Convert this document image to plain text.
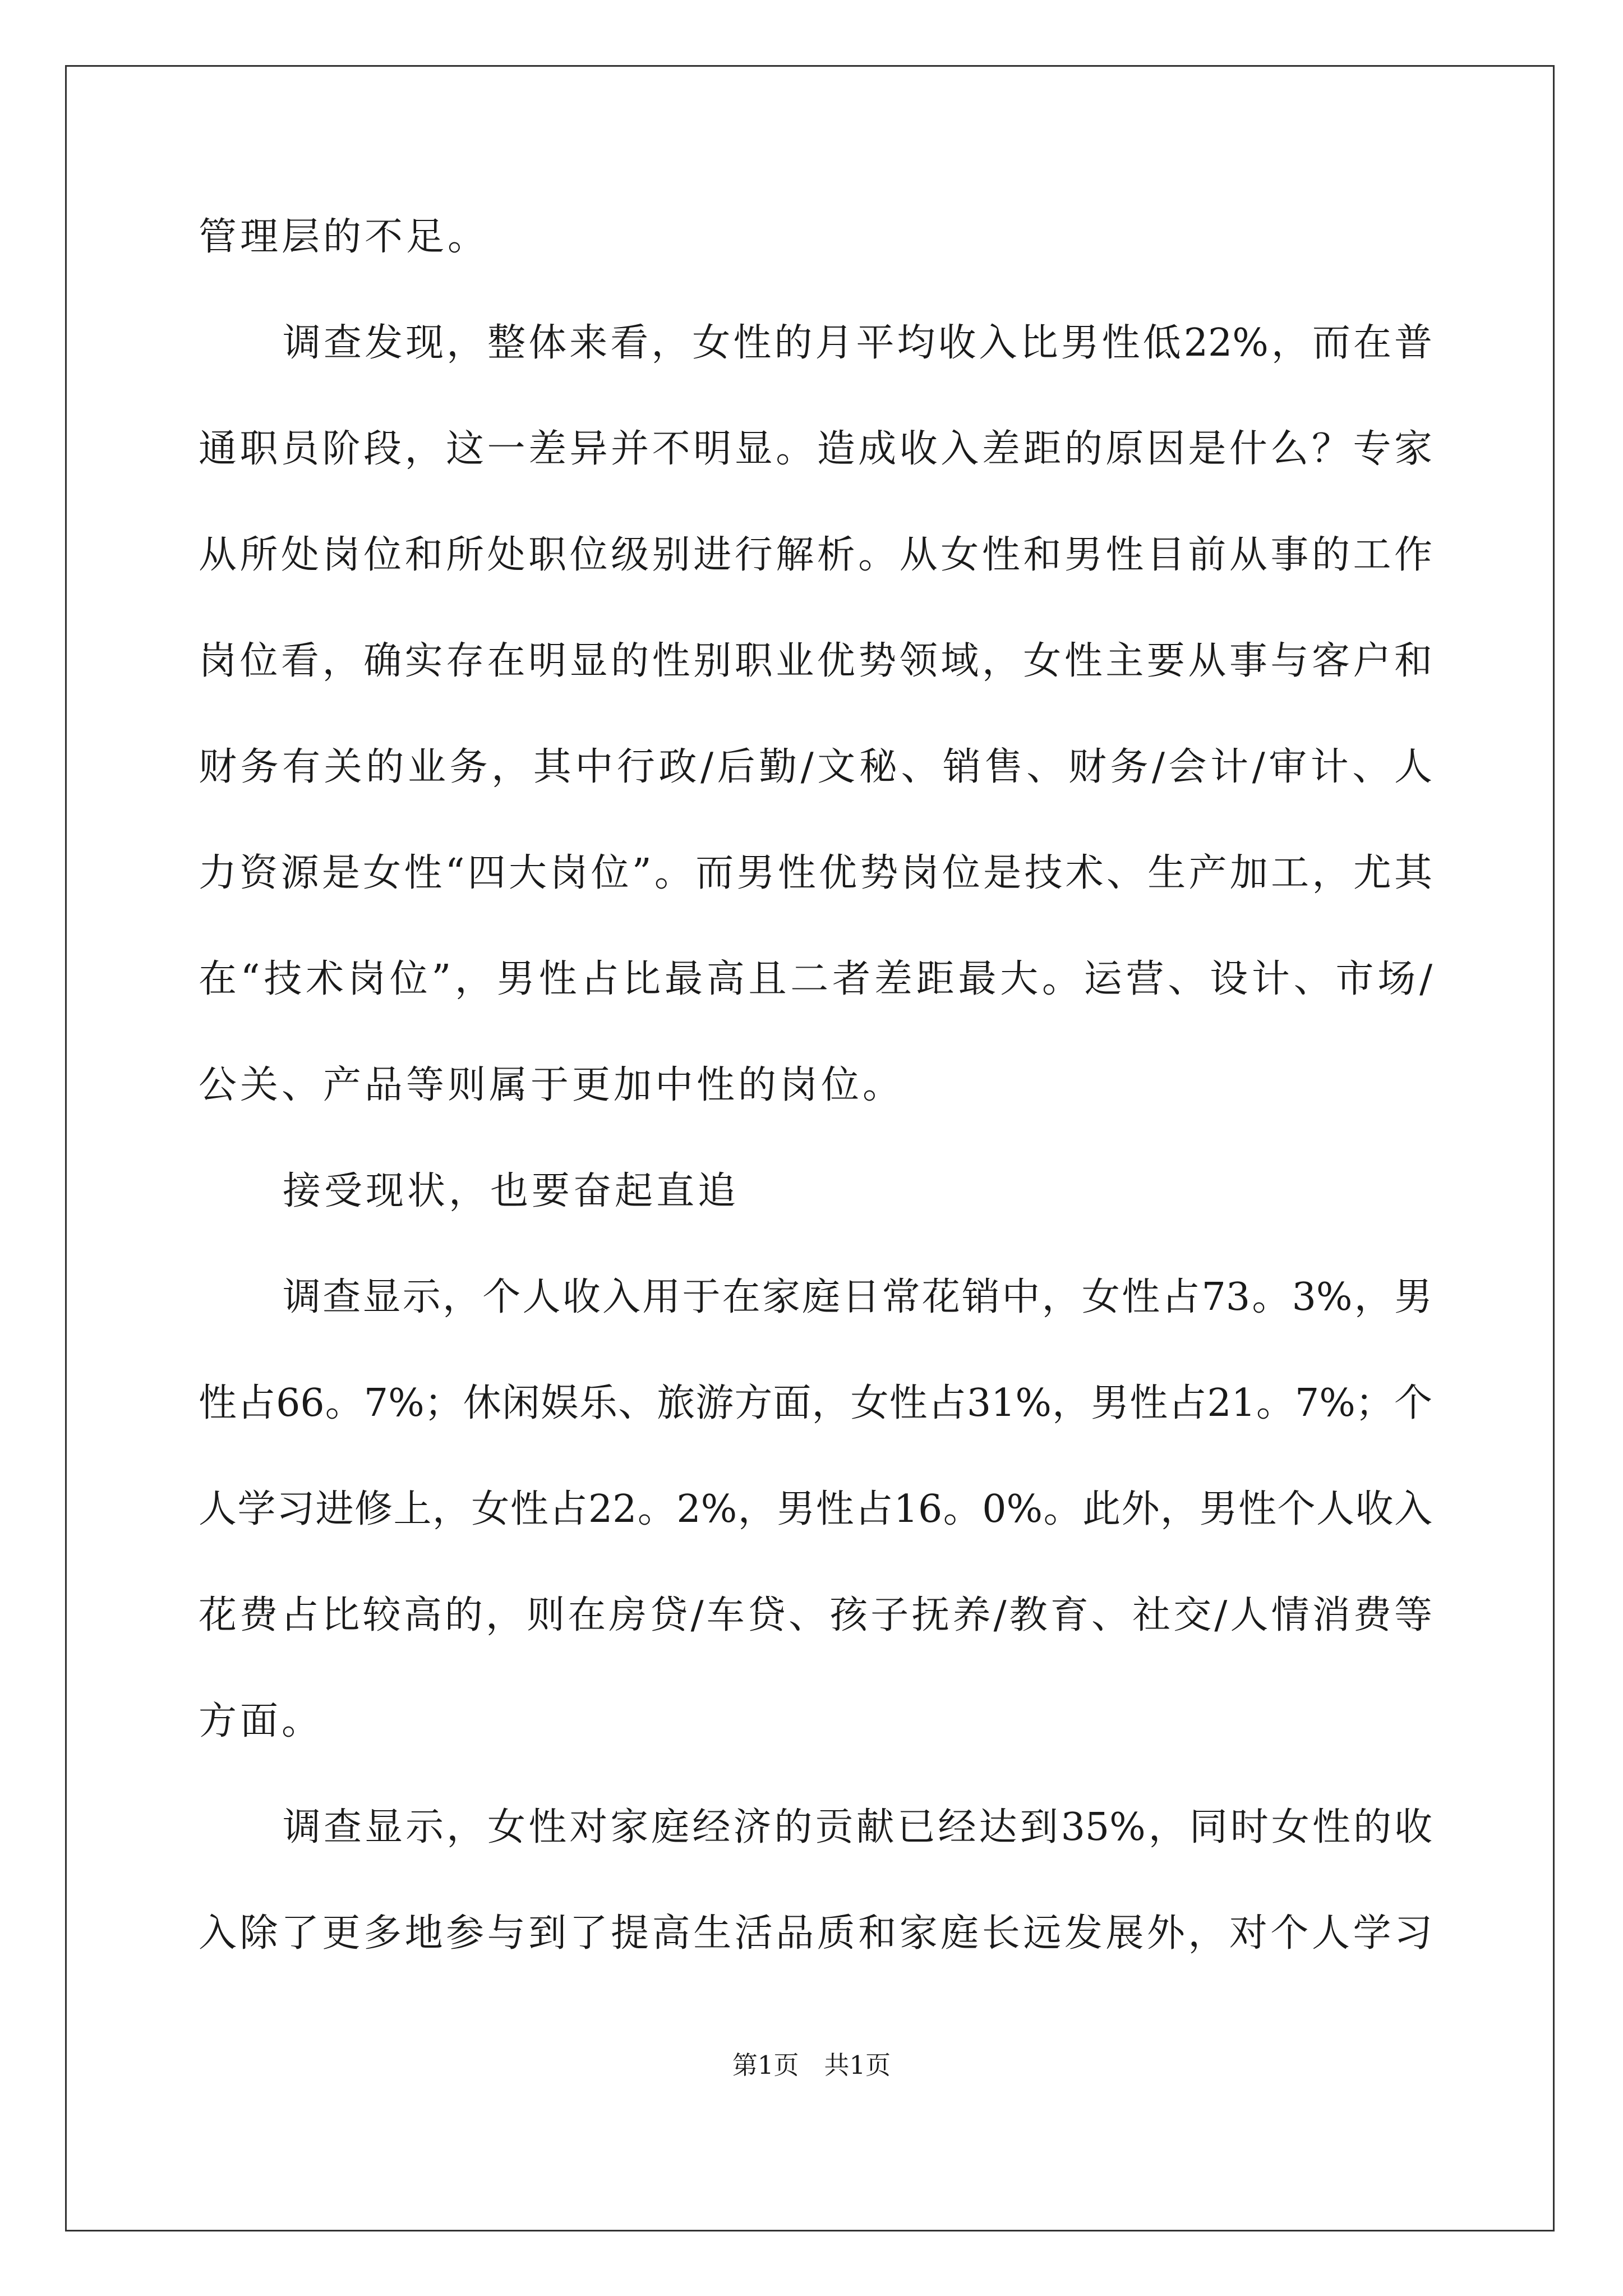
管理层的不足。
调查发现，整体来看，女性的月平均收入比男性低22%，而在普
通职员阶段，这一差异并不明显。造成收入差距的原因是什么？专家
从所处岗位和所处职位级别进行解析。从女性和男性目前从事的工作
岗位看，确实存在明显的性别职业优势领域，女性主要从事与客户和
财务有关的业务，其中行政/后勤/文秘、销售、财务/会计/审计、人
力资源是女性“四大岗位”。而男性优势岗位是技术、生产加工，尤其
在“技术岗位”，男性占比最高且二者差距最大。运营、设计、市场/
公关、产品等则属于更加中性的岗位。
接受现状，也要奋起直追
调查显示，个人收入用于在家庭日常花销中，女性占73。3%，男
性占66。7%；休闲娱乐、旅游方面，女性占31%，男性占21。7%；个
人学习进修上，女性占22。2%，男性占16。0%。此外，男性个人收入
花费占比较高的，则在房贷/车贷、孩子抚养/教育、社交/人情消费等
方面。
调查显示，女性对家庭经济的贡献已经达到35%，同时女性的收
入除了更多地参与到了提高生活品质和家庭长远发展外，对个人学习
第1页　共1页
